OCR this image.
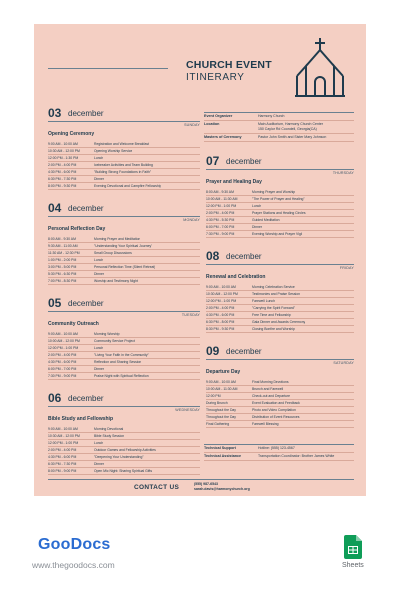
CHURCH EVENT
ITINERARY
Event Organizer	Harmony Church
Location	Main Auditorium, Harmony Church Center
150 Caylor Rd Coondell, Georgia(CA)
Masters of Ceremony	Pastor John Smith and Sister Mary Johnson
03 december
SUNDAY
Opening Ceremony
9:00 AM - 10:00 AM	Registration and Welcome Breakfast
10:30 AM - 12:00 PM	Opening Worship Service
12:00 PM - 1:30 PM	Lunch
2:00 PM - 4:00 PM	Icebreaker Activities and Team Building
4:30 PM - 6:00 PM	"Building Strong Foundations in Faith"
6:30 PM - 7:30 PM	Dinner
8:00 PM - 9:30 PM	Evening Devotional and Campfire Fellowship
04 december
MONDAY
Personal Reflection Day
8:00 AM - 9:30 AM	Morning Prayer and Meditation
9:30 AM - 11:00 AM	"Understanding Your Spiritual Journey"
11:30 AM - 12:30 PM	Small Group Discussions
1:00 PM - 2:00 PM	Lunch
3:00 PM - 5:00 PM	Personal Reflection Time (Silent Retreat)
5:30 PM - 6:30 PM	Dinner
7:00 PM - 8:30 PM	Worship and Testimony Night
05 december
TUESDAY
Community Outreach
9:00 AM - 10:00 AM	Morning Worship
10:00 AM - 12:00 PM	Community Service Project
12:00 PM - 1:00 PM	Lunch
2:00 PM - 4:00 PM	"Living Your Faith in the Community"
4:30 PM - 6:00 PM	Reflection and Sharing Session
6:00 PM - 7:00 PM	Dinner
7:30 PM - 9:00 PM	Praise Night with Spiritual Reflection
06 december
WEDNESDAY
Bible Study and Fellowship
9:00 AM - 10:00 AM	Morning Devotional
10:30 AM - 12:00 PM	Bible Study Session
12:00 PM - 1:00 PM	Lunch
2:00 PM - 4:00 PM	Outdoor Games and Fellowship Activities
4:30 PM - 6:00 PM	"Deepening Your Understanding"
6:30 PM - 7:30 PM	Dinner
8:00 PM - 9:00 PM	Open Mic Night: Sharing Spiritual Gifts
07 december
THURSDAY
Prayer and Healing Day
8:00 AM - 9:30 AM	Morning Prayer and Worship
10:00 AM - 11:30 AM	"The Power of Prayer and Healing"
12:00 PM - 1:00 PM	Lunch
2:00 PM - 4:00 PM	Prayer Stations and Healing Circles
4:30 PM - 5:30 PM	Guided Meditation
6:00 PM - 7:00 PM	Dinner
7:30 PM - 9:00 PM	Evening Worship and Prayer Vigil
08 december
FRIDAY
Renewal and Celebration
9:00 AM - 10:00 AM	Morning Celebration Service
10:30 AM - 12:00 PM	Testimonies and Praise Session
12:00 PM - 1:00 PM	Farewell Lunch
2:00 PM - 4:00 PM	"Carrying the Spirit Forward"
4:30 PM - 6:00 PM	Free Time and Fellowship
6:30 PM - 8:00 PM	Gala Dinner and Awards Ceremony
8:30 PM - 9:30 PM	Closing Bonfire and Worship
09 december
SATURDAY
Departure Day
9:00 AM - 10:00 AM	Final Morning Devotions
10:00 AM - 11:30 AM	Brunch and Farewell
12:00 PM	Check-out and Departure
During Brunch	Event Evaluation and Feedback
Throughout the Day	Photo and Video Compilation
Throughout the Day	Distribution of Event Resources
Final Gathering	Farewell Blessing
Technical Support	Hotline: (555) 123-4567
Technical Assistance	Transportation Coordinator: Brother James White
CONTACT US	(555) 987-6543
sarah.davis@harmonychurch.org
GooDocs
www.thegoodocs.com	Sheets
